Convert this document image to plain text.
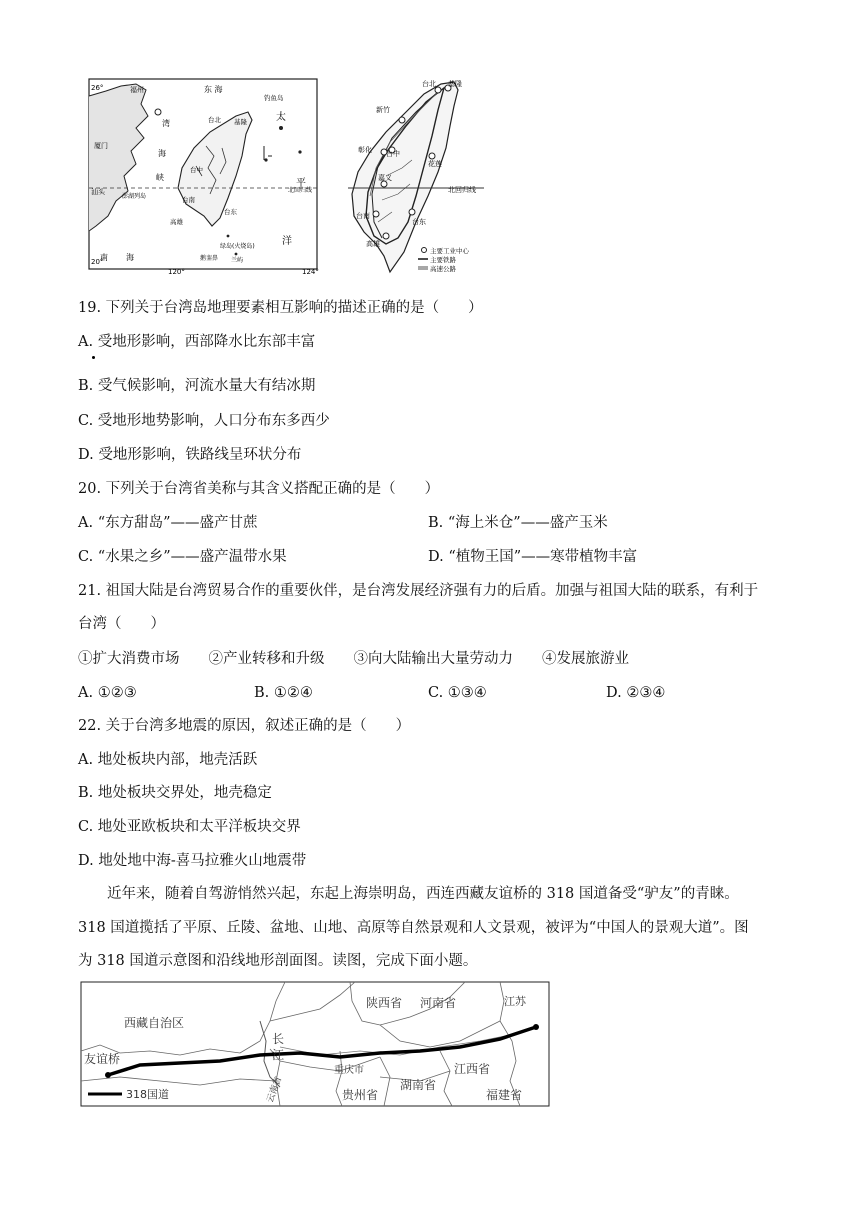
26°
20°
120°	124°
福州	东 海
钓鱼岛
湾
海
峡
厦门
汕头
澎湖列岛
台北 基隆
台中
台南
高雄
台东
绿岛(火烧岛)
兰屿
鹅銮鼻
太
平
洋
南 海
北回归线
台北 基隆
新竹
彰化 台中
花莲
嘉义
台南
台东
高雄
北回归线
主要工业中心
主要铁路
高速公路
19. 下列关于台湾岛地理要素相互影响的描述正确的是（　　）
A. 受地形影响，西部降水比东部丰富
B. 受气候影响，河流水量大有结冰期
C. 受地形地势影响，人口分布东多西少
D. 受地形影响，铁路线呈环状分布
20. 下列关于台湾省美称与其含义搭配正确的是（　　）
A. “东方甜岛”——盛产甘蔗	B. “海上米仓”——盛产玉米
C. “水果之乡”——盛产温带水果	D. “植物王国”——寒带植物丰富
21. 祖国大陆是台湾贸易合作的重要伙伴，是台湾发展经济强有力的后盾。加强与祖国大陆的联系，有利于
台湾（　　）
①扩大消费市场　　②产业转移和升级　　③向大陆输出大量劳动力　　④发展旅游业
A. ①②③	B. ①②④	C. ①③④	D. ②③④
22. 关于台湾多地震的原因，叙述正确的是（　　）
A. 地处板块内部，地壳活跃
B. 地处板块交界处，地壳稳定
C. 地处亚欧板块和太平洋板块交界
D. 地处地中海-喜马拉雅火山地震带
　　近年来，随着自驾游悄然兴起，东起上海崇明岛，西连西藏友谊桥的 318 国道备受“驴友”的青睐。
318 国道揽括了平原、丘陵、盆地、山地、高原等自然景观和人文景观，被评为“中国人的景观大道”。图
为 318 国道示意图和沿线地形剖面图。读图，完成下面小题。
西藏自治区
陕西省 河南省	江苏
长
江
重庆市
贵州省
湖南省
江西省
福建省
云南省
友谊桥
318国道
